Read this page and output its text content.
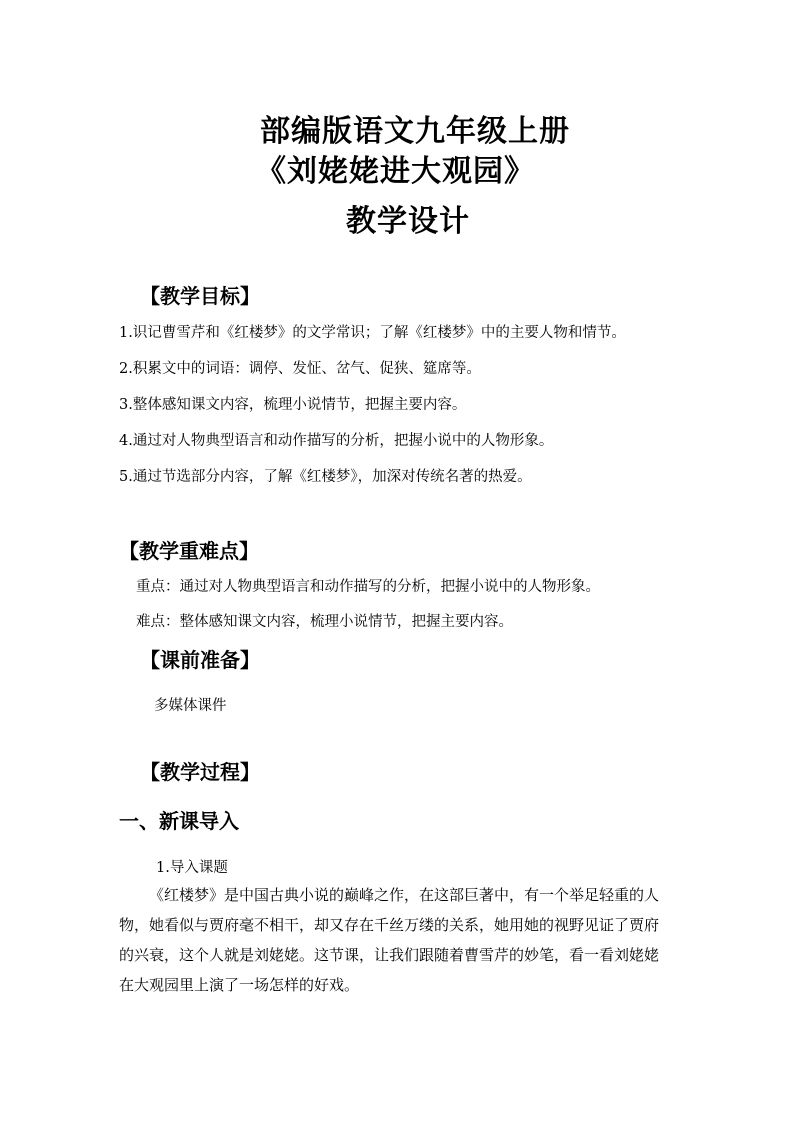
部编版语文九年级上册
《刘姥姥进大观园》
教学设计
【教学目标】
1.识记曹雪芹和《红楼梦》的文学常识；了解《红楼梦》中的主要人物和情节。
2.积累文中的词语：调停、发怔、岔气、促狭、筵席等。
3.整体感知课文内容，梳理小说情节，把握主要内容。
4.通过对人物典型语言和动作描写的分析，把握小说中的人物形象。
5.通过节选部分内容，了解《红楼梦》，加深对传统名著的热爱。
【教学重难点】
重点：通过对人物典型语言和动作描写的分析，把握小说中的人物形象。
难点：整体感知课文内容，梳理小说情节，把握主要内容。
【课前准备】
多媒体课件
【教学过程】
一、新课导入
1.导入课题
《红楼梦》是中国古典小说的巅峰之作，在这部巨著中，有一个举足轻重的人物，她看似与贾府毫不相干，却又存在千丝万缕的关系，她用她的视野见证了贾府的兴衰，这个人就是刘姥姥。这节课，让我们跟随着曹雪芹的妙笔，看一看刘姥姥在大观园里上演了一场怎样的好戏。
